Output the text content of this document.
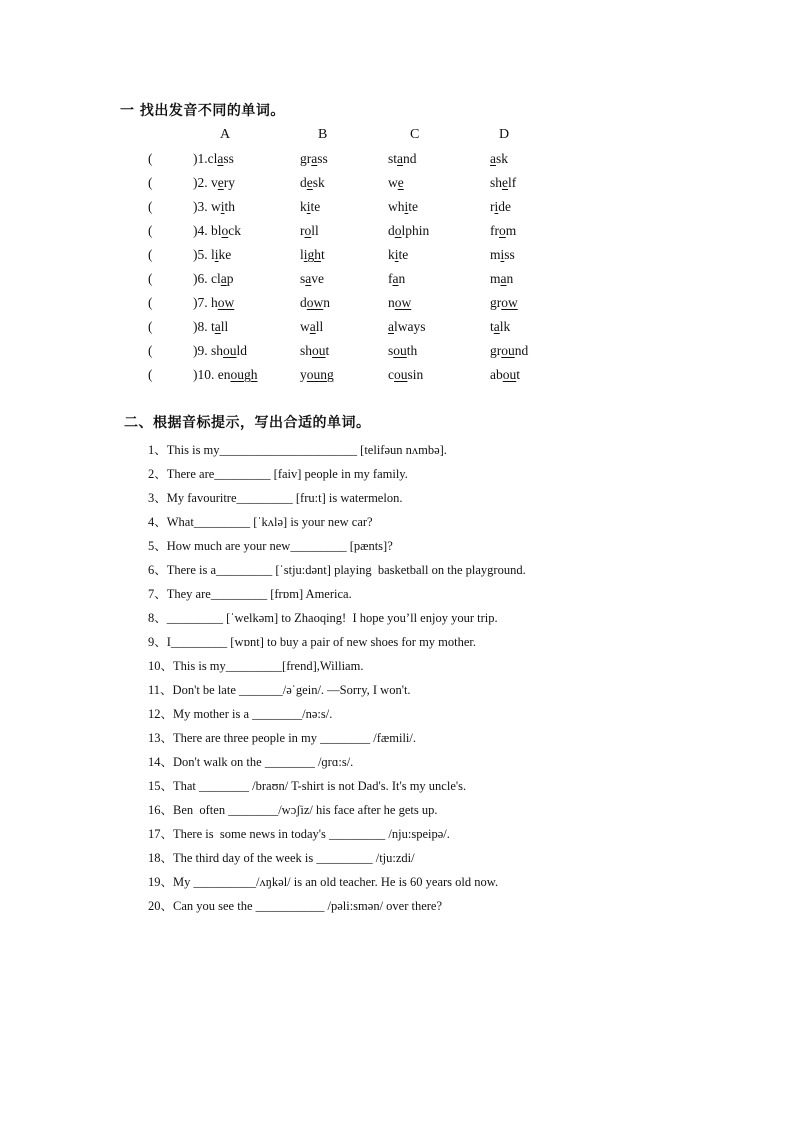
一 找出发音不同的单词。
A	B	C	D
(	)1.class	grass	stand	ask
(	)2. very	desk	we	shelf
(	)3. with	kite	white	ride
(	)4. block	roll	dolphin	from
(	)5. like	light	kite	miss
(	)6. clap	save	fan	man
(	)7. how	down	now	grow
(	)8. tall	wall	always	talk
(	)9. should	shout	south	ground
(	)10. enough	young	cousin	about
二、根据音标提示，写出合适的单词。
1、This is my______________________ [telifəun nʌmbə].
2、There are_________ [faiv] people in my family.
3、My favouritre_________ [fru:t] is watermelon.
4、What_________ [ˈkʌlə] is your new car?
5、How much are your new_________ [pænts]?
6、There is a_________ [ˈstju:dənt] playing  basketball on the playground.
7、They are_________ [frɒm] America.
8、_________ [ˈwelkəm] to Zhaoqing!  I hope you’ll enjoy your trip.
9、I_________ [wɒnt] to buy a pair of new shoes for my mother.
10、This is my_________[frend],William.
11、Don't be late _______/əˈgein/. —Sorry, I won't.
12、My mother is a ________/nə:s/.
13、There are three people in my ________ /fæmili/.
14、Don't walk on the ________ /ɡrɑ:s/.
15、That ________ /braʊn/ T-shirt is not Dad's. It's my uncle's.
16、Ben  often ________/wɔʃiz/ his face after he gets up.
17、There is  some news in today's _________ /nju:speipə/.
18、The third day of the week is _________ /tju:zdi/
19、My __________/ʌŋkəl/ is an old teacher. He is 60 years old now.
20、Can you see the ___________ /pəli:smən/ over there?
